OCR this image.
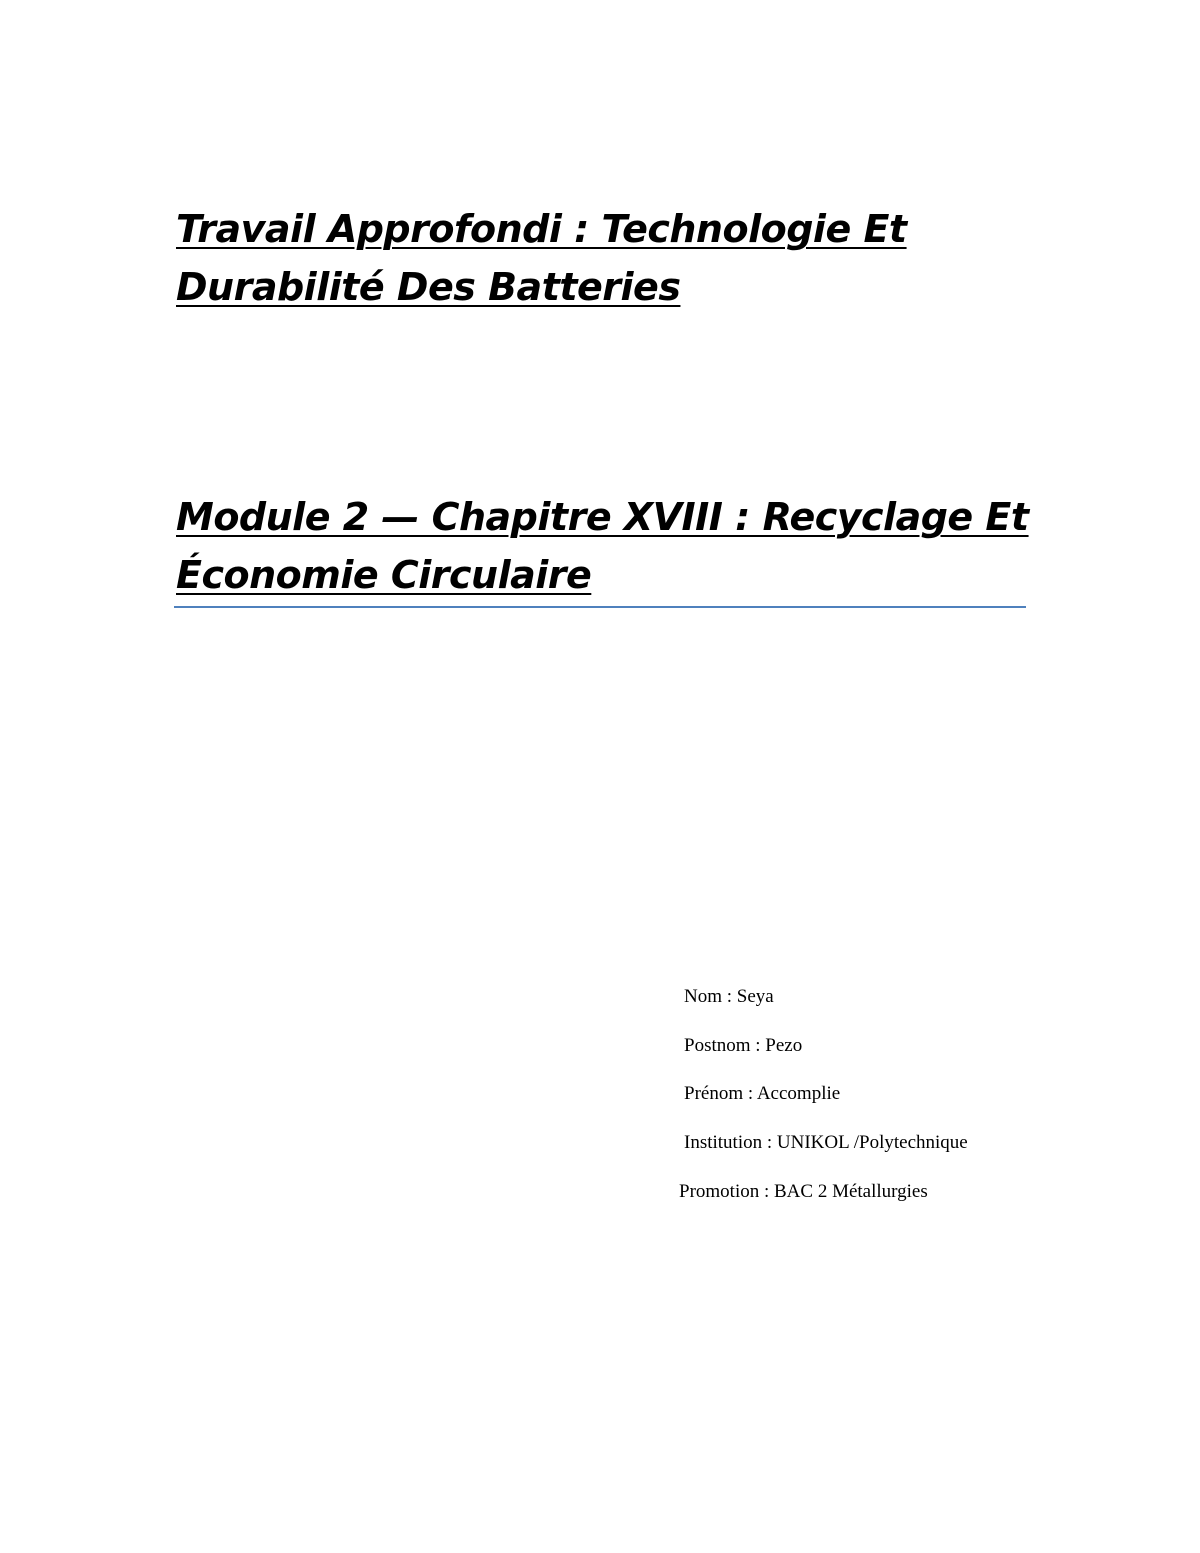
Travail Approfondi : Technologie Et
Durabilité Des Batteries
Module 2 — Chapitre XVIII : Recyclage Et
Économie Circulaire
Nom : Seya
Postnom : Pezo
Prénom : Accomplie
Institution : UNIKOL /Polytechnique
Promotion : BAC 2 Métallurgies
